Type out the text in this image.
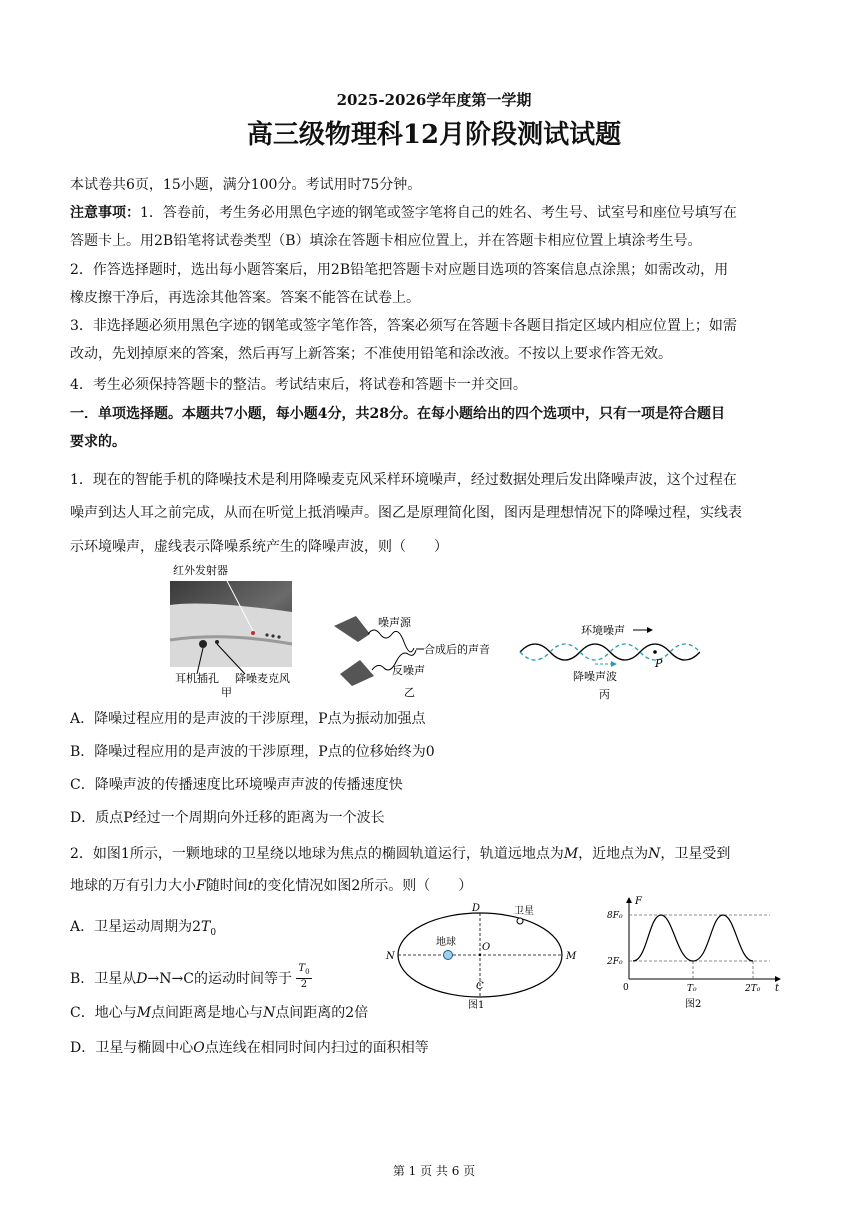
2025-2026学年度第一学期
高三级物理科12月阶段测试试题
本试卷共6页，15小题，满分100分。考试用时75分钟。
注意事项：1．答卷前，考生务必用黑色字迹的钢笔或签字笔将自己的姓名、考生号、试室号和座位号填写在
答题卡上。用2B铅笔将试卷类型（B）填涂在答题卡相应位置上，并在答题卡相应位置上填涂考生号。
2．作答选择题时，选出每小题答案后，用2B铅笔把答题卡对应题目选项的答案信息点涂黑；如需改动，用
橡皮擦干净后，再选涂其他答案。答案不能答在试卷上。
3．非选择题必须用黑色字迹的钢笔或签字笔作答，答案必须写在答题卡各题目指定区域内相应位置上；如需
改动，先划掉原来的答案，然后再写上新答案；不准使用铅笔和涂改液。不按以上要求作答无效。
4．考生必须保持答题卡的整洁。考试结束后，将试卷和答题卡一并交回。
一．单项选择题。本题共7小题，每小题4分，共28分。在每小题给出的四个选项中，只有一项是符合题目
要求的。
1．现在的智能手机的降噪技术是利用降噪麦克风采样环境噪声，经过数据处理后发出降噪声波，这个过程在
噪声到达人耳之前完成，从而在听觉上抵消噪声。图乙是原理简化图，图丙是理想情况下的降噪过程，实线表
示环境噪声，虚线表示降噪系统产生的降噪声波，则（　　）
红外发射器
耳机插孔 降噪麦克风
甲
噪声源
合成后的声音
反噪声
乙
环境噪声
P
降噪声波
丙
A．降噪过程应用的是声波的干涉原理，P点为振动加强点
B．降噪过程应用的是声波的干涉原理，P点的位移始终为0
C．降噪声波的传播速度比环境噪声声波的传播速度快
D．质点P经过一个周期向外迁移的距离为一个波长
2．如图1所示，一颗地球的卫星绕以地球为焦点的椭圆轨道运行，轨道远地点为M，近地点为N，卫星受到
地球的万有引力大小F随时间t的变化情况如图2所示。则（　　）
A．卫星运动周期为$2T_0$
B．卫星从D→N→C的运动时间等于 $\frac{T_0}{2}$
C．地心与M点间距离是地心与N点间距离的2倍
D．卫星与椭圆中心O点连线在相同时间内扫过的面积相等
D	卫星
地球	O
N	M
C
图1
F
8F₀
2F₀
0	T₀	2T₀ t
图2
第 1 页 共 6 页
